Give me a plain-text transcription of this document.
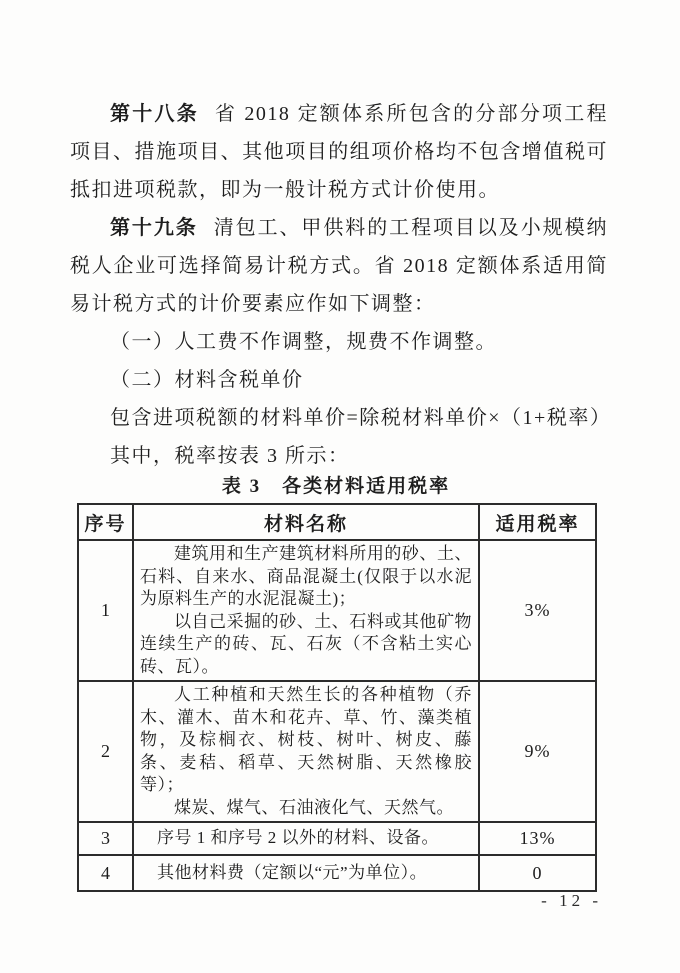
第十八条 省 2018 定额体系所包含的分部分项工程项目、措施项目、其他项目的组项价格均不包含增值税可抵扣进项税款，即为一般计税方式计价使用。

第十九条 清包工、甲供料的工程项目以及小规模纳税人企业可选择简易计税方式。省 2018 定额体系适用简易计税方式的计价要素应作如下调整：

（一）人工费不作调整，规费不作调整。

（二）材料含税单价

包含进项税额的材料单价=除税材料单价×（1+税率）

其中，税率按表 3 所示：

表 3　各类材料适用税率
序号	材料名称	适用税率
1	建筑用和生产建筑材料所用的砂、土、石料、自来水、商品混凝土(仅限于以水泥为原料生产的水泥混凝土)；

以自己采掘的砂、土、石料或其他矿物连续生产的砖、瓦、石灰（不含粘土实心砖、瓦）。	3%
2	人工种植和天然生长的各种植物（乔木、灌木、苗木和花卉、草、竹、藻类植物，及棕榈衣、树枝、树叶、树皮、藤条、麦秸、稻草、天然树脂、天然橡胶等）；

煤炭、煤气、石油液化气、天然气。	9%
3	序号 1 和序号 2 以外的材料、设备。	13%
4	其他材料费（定额以“元”为单位）。	0
- 12 -
